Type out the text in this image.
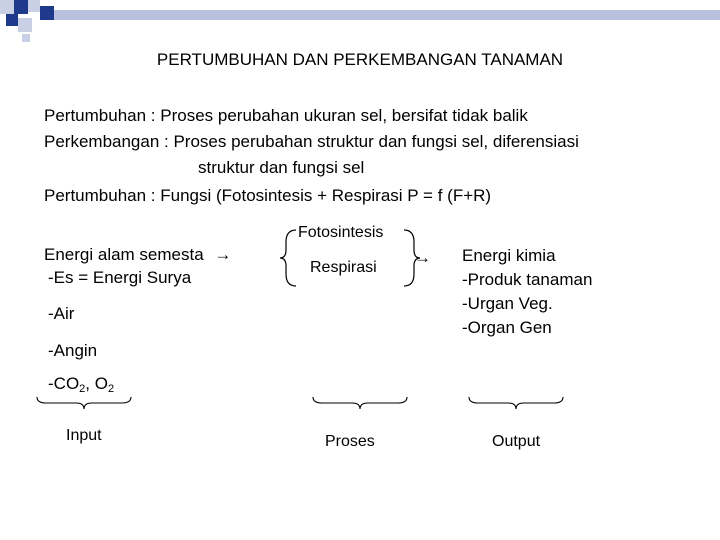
PERTUMBUHAN DAN PERKEMBANGAN TANAMAN
Pertumbuhan : Proses perubahan ukuran sel, bersifat tidak balik
Perkembangan : Proses perubahan struktur dan fungsi sel, diferensiasi
struktur dan fungsi sel
Pertumbuhan : Fungsi (Fotosintesis + Respirasi P = f (F+R)
Energi alam semesta →
-Es = Energi Surya
-Air
-Angin
$-CO_2$, $O_2$
Fotosintesis
Respirasi
→ Energi kimia
-Produk tanaman
-Urgan Veg.
-Organ Gen
Input	Proses	Output
